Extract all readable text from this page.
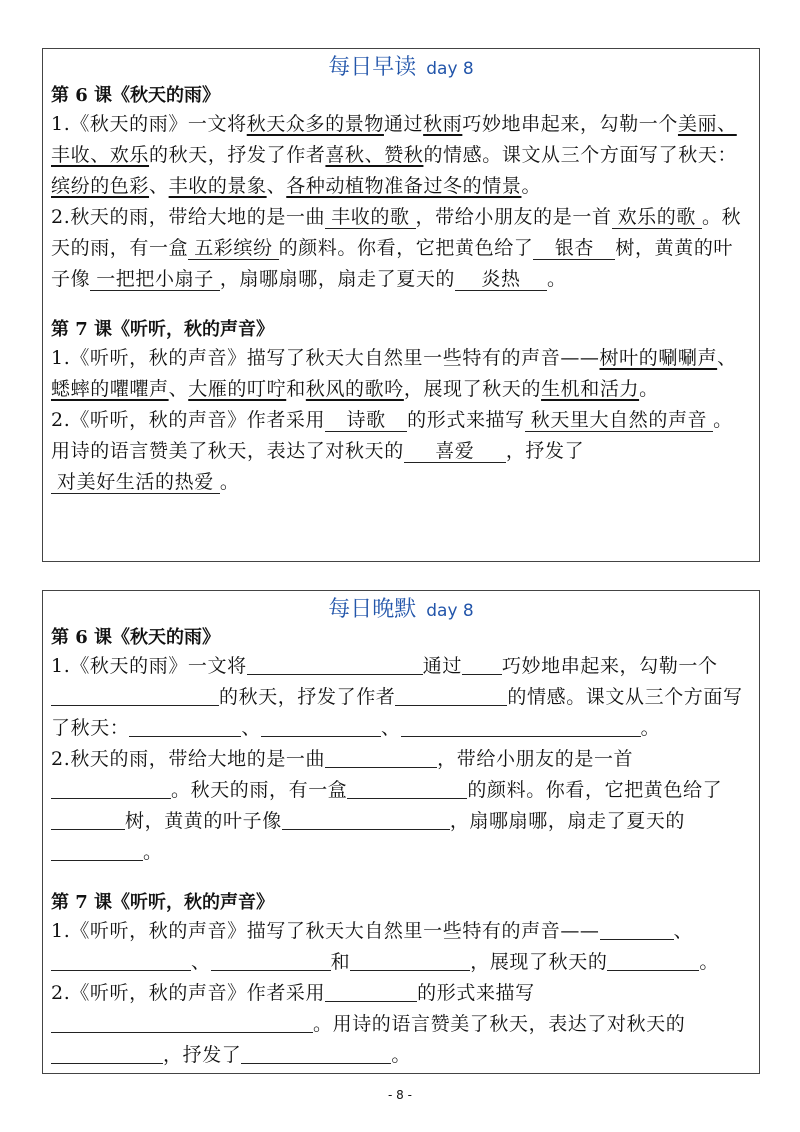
每日早读 day 8
第 6 课《秋天的雨》
1.《秋天的雨》一文将秋天众多的景物通过秋雨巧妙地串起来，勾勒一个美丽、丰收、欢乐的秋天，抒发了作者喜秋、赞秋的情感。课文从三个方面写了秋天：缤纷的色彩、丰收的景象、各种动植物准备过冬的情景。
2.秋天的雨，带给大地的是一曲 丰收的歌 ，带给小朋友的是一首 欢乐的歌 。秋天的雨，有一盒 五彩缤纷 的颜料。你看，它把黄色给了 银杏 树，黄黄的叶子像 一把把小扇子 ，扇哪扇哪，扇走了夏天的 炎热 。
第 7 课《听听，秋的声音》
1.《听听，秋的声音》描写了秋天大自然里一些特有的声音——树叶的唰唰声、蟋蟀的㘗㘗声、大雁的叮咛和秋风的歌吟，展现了秋天的生机和活力。
2.《听听，秋的声音》作者采用 诗歌 的形式来描写 秋天里大自然的声音 。用诗的语言赞美了秋天，表达了对秋天的 喜爱 ，抒发了对美好生活的热爱 。
每日晚默 day 8
第 6 课《秋天的雨》
1.《秋天的雨》一文将	通过 巧妙地串起来，勾勒一个的秋天，抒发了作者	的情感。课文从三个方面写了秋天：	、	、	。
2.秋天的雨，带给大地的是一曲	，带给小朋友的是一首。秋天的雨，有一盒	的颜料。你看，它把黄色给了树，黄黄的叶子像	，扇哪扇哪，扇走了夏天的。
第 7 课《听听，秋的声音》
1.《听听，秋的声音》描写了秋天大自然里一些特有的声音——	、、	和	，展现了秋天的	。
2.《听听，秋的声音》作者采用	的形式来描写。用诗的语言赞美了秋天，表达了对秋天的，抒发了	。
- 8 -
